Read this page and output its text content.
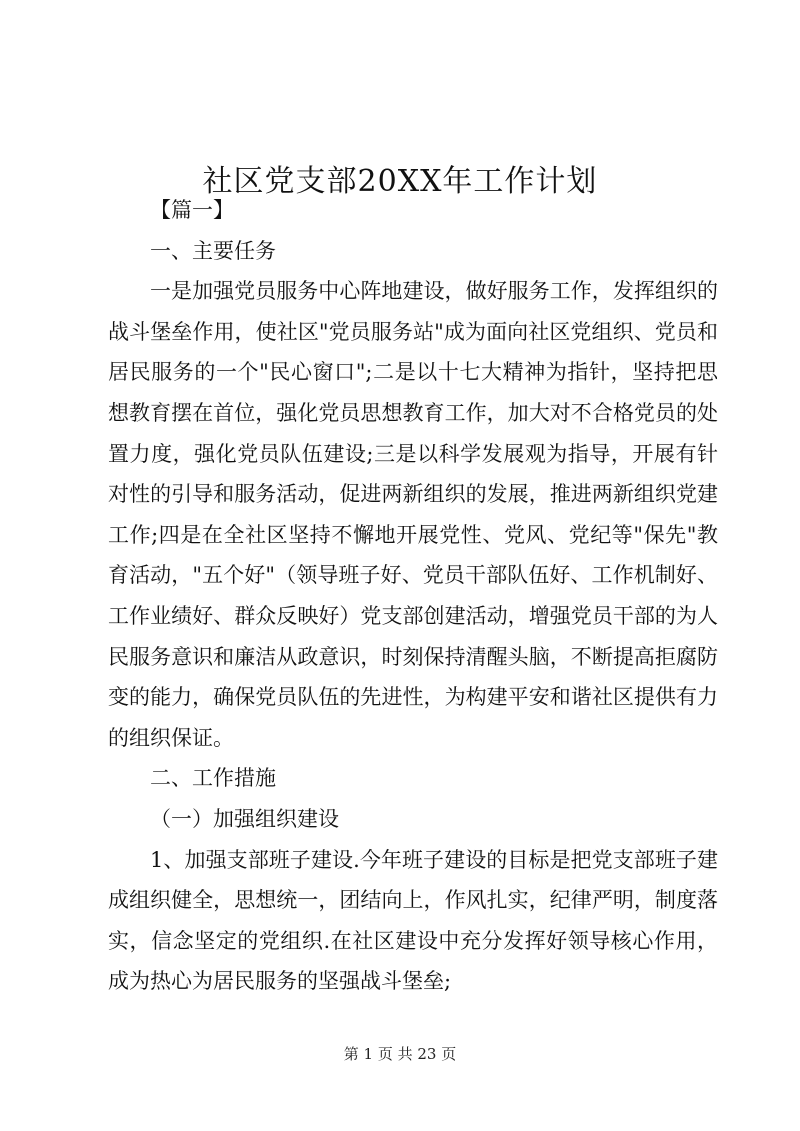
社区党支部20XX年工作计划

【篇一】

一、主要任务

一是加强党员服务中心阵地建设，做好服务工作，发挥组织的战斗堡垒作用，使社区"党员服务站"成为面向社区党组织、党员和居民服务的一个"民心窗口";二是以十七大精神为指针，坚持把思想教育摆在首位，强化党员思想教育工作，加大对不合格党员的处置力度，强化党员队伍建设;三是以科学发展观为指导，开展有针对性的引导和服务活动，促进两新组织的发展，推进两新组织党建工作;四是在全社区坚持不懈地开展党性、党风、党纪等"保先"教育活动，"五个好"（领导班子好、党员干部队伍好、工作机制好、工作业绩好、群众反映好）党支部创建活动，增强党员干部的为人民服务意识和廉洁从政意识，时刻保持清醒头脑，不断提高拒腐防变的能力，确保党员队伍的先进性，为构建平安和谐社区提供有力的组织保证。

二、工作措施

（一）加强组织建设

1、加强支部班子建设.今年班子建设的目标是把党支部班子建成组织健全，思想统一，团结向上，作风扎实，纪律严明，制度落实，信念坚定的党组织.在社区建设中充分发挥好领导核心作用，成为热心为居民服务的坚强战斗堡垒;

第 1 页 共 23 页
